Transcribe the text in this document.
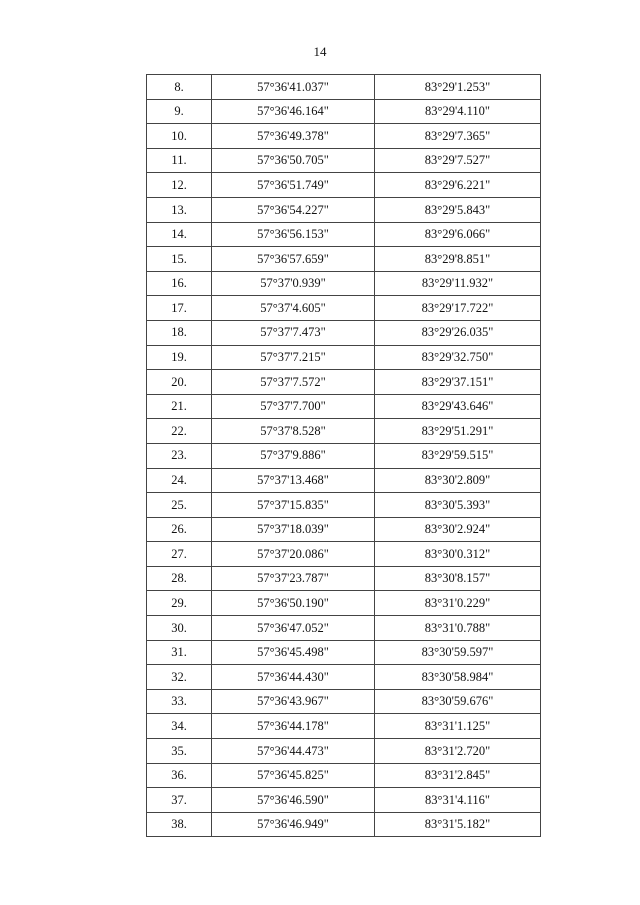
14
8.	57°36'41.037"	83°29'1.253"
9.	57°36'46.164"	83°29'4.110"
10.	57°36'49.378"	83°29'7.365"
11.	57°36'50.705"	83°29'7.527"
12.	57°36'51.749"	83°29'6.221"
13.	57°36'54.227"	83°29'5.843"
14.	57°36'56.153"	83°29'6.066"
15.	57°36'57.659"	83°29'8.851"
16.	57°37'0.939"	83°29'11.932"
17.	57°37'4.605"	83°29'17.722"
18.	57°37'7.473"	83°29'26.035"
19.	57°37'7.215"	83°29'32.750"
20.	57°37'7.572"	83°29'37.151"
21.	57°37'7.700"	83°29'43.646"
22.	57°37'8.528"	83°29'51.291"
23.	57°37'9.886"	83°29'59.515"
24.	57°37'13.468"	83°30'2.809"
25.	57°37'15.835"	83°30'5.393"
26.	57°37'18.039"	83°30'2.924"
27.	57°37'20.086"	83°30'0.312"
28.	57°37'23.787"	83°30'8.157"
29.	57°36'50.190"	83°31'0.229"
30.	57°36'47.052"	83°31'0.788"
31.	57°36'45.498"	83°30'59.597"
32.	57°36'44.430"	83°30'58.984"
33.	57°36'43.967"	83°30'59.676"
34.	57°36'44.178"	83°31'1.125"
35.	57°36'44.473"	83°31'2.720"
36.	57°36'45.825"	83°31'2.845"
37.	57°36'46.590"	83°31'4.116"
38.	57°36'46.949"	83°31'5.182"
